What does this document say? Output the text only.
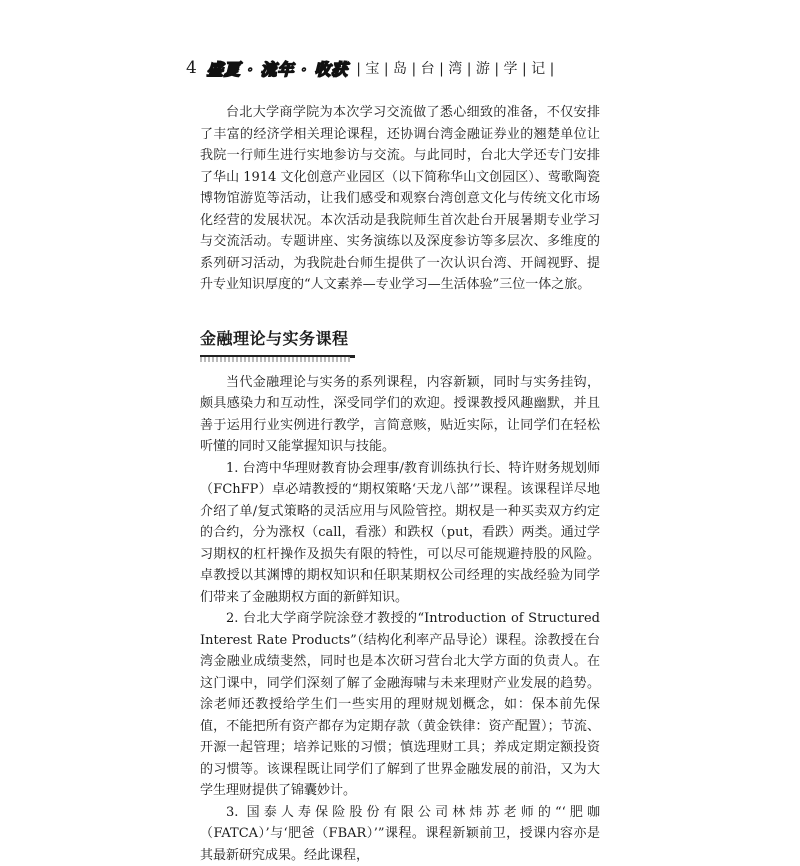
4 盛夏 · 流年 · 收获 | 宝 | 岛 | 台 | 湾 | 游 | 学 | 记 |

台北大学商学院为本次学习交流做了悉心细致的准备，不仅安排了丰富的经济学相关理论课程，还协调台湾金融证券业的翘楚单位让我院一行师生进行实地参访与交流。与此同时，台北大学还专门安排了华山 1914 文化创意产业园区（以下简称华山文创园区）、莺歌陶瓷博物馆游览等活动，让我们感受和观察台湾创意文化与传统文化市场化经营的发展状况。本次活动是我院师生首次赴台开展暑期专业学习与交流活动。专题讲座、实务演练以及深度参访等多层次、多维度的系列研习活动，为我院赴台师生提供了一次认识台湾、开阔视野、提升专业知识厚度的“人文素养—专业学习—生活体验”三位一体之旅。

金融理论与实务课程

当代金融理论与实务的系列课程，内容新颖，同时与实务挂钩，颇具感染力和互动性，深受同学们的欢迎。授课教授风趣幽默，并且善于运用行业实例进行教学，言简意赅，贴近实际，让同学们在轻松听懂的同时又能掌握知识与技能。

1. 台湾中华理财教育协会理事/教育训练执行长、特许财务规划师（FChFP）卓必靖教授的“期权策略‘天龙八部’”课程。该课程详尽地介绍了单/复式策略的灵活应用与风险管控。期权是一种买卖双方约定的合约，分为涨权（call，看涨）和跌权（put，看跌）两类。通过学习期权的杠杆操作及损失有限的特性，可以尽可能规避持股的风险。卓教授以其渊博的期权知识和任职某期权公司经理的实战经验为同学们带来了金融期权方面的新鲜知识。

2. 台北大学商学院涂登才教授的“Introduction of Structured Interest Rate Products”（结构化利率产品导论）课程。涂教授在台湾金融业成绩斐然，同时也是本次研习营台北大学方面的负责人。在这门课中，同学们深刻了解了金融海啸与未来理财产业发展的趋势。涂老师还教授给学生们一些实用的理财规划概念，如：保本前先保值，不能把所有资产都存为定期存款（黄金铁律：资产配置）；节流、开源一起管理；培养记账的习惯；慎选理财工具；养成定期定额投资的习惯等。该课程既让同学们了解到了世界金融发展的前沿，又为大学生理财提供了锦囊妙计。

3. 国泰人寿保险股份有限公司林炜苏老师的“‘肥咖（FATCA）’与‘肥爸（FBAR）’”课程。课程新颖前卫，授课内容亦是其最新研究成果。经此课程，
